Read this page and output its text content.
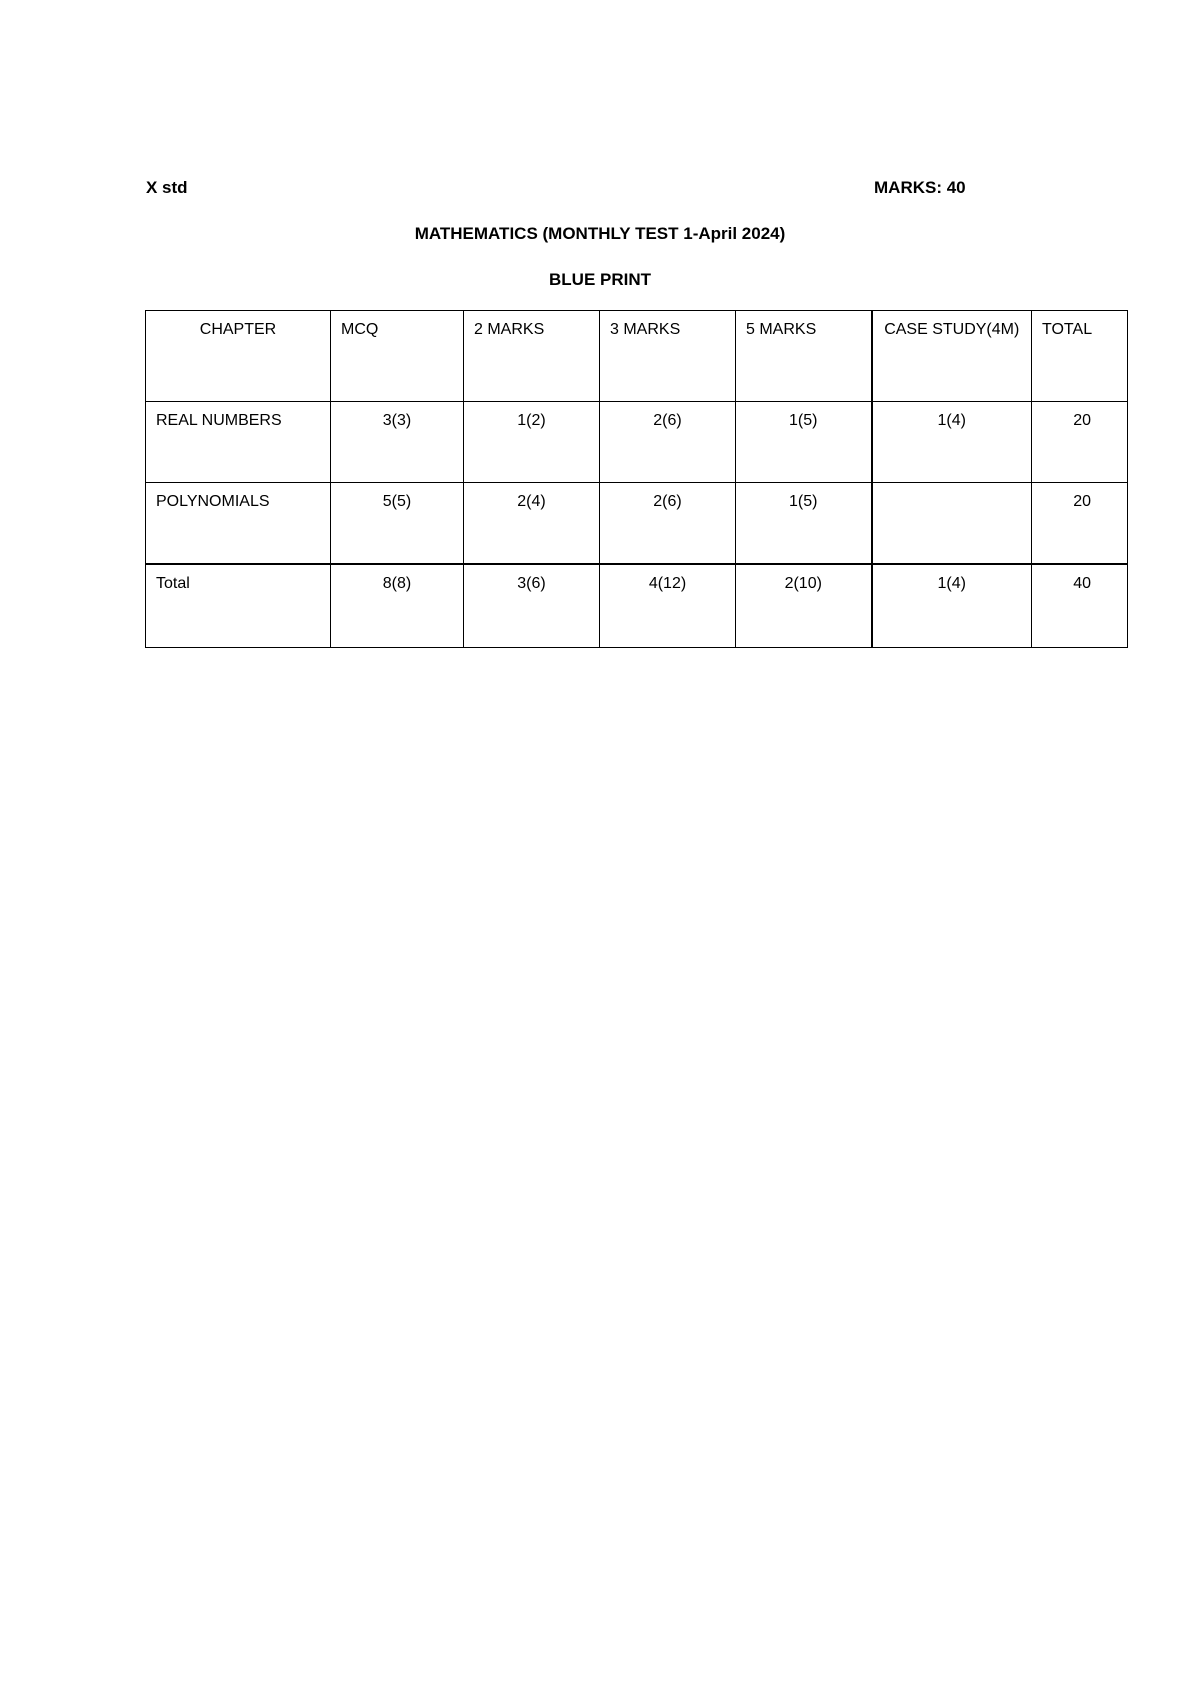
X std	MARKS: 40
MATHEMATICS (MONTHLY TEST 1-April 2024)
BLUE PRINT
CHAPTER	MCQ	2 MARKS	3 MARKS	5 MARKS	CASE STUDY(4M)	TOTAL
REAL NUMBERS	3(3)	1(2)	2(6)	1(5)	1(4)	20
POLYNOMIALS	5(5)	2(4)	2(6)	1(5)		20
Total	8(8)	3(6)	4(12)	2(10)	1(4)	40
